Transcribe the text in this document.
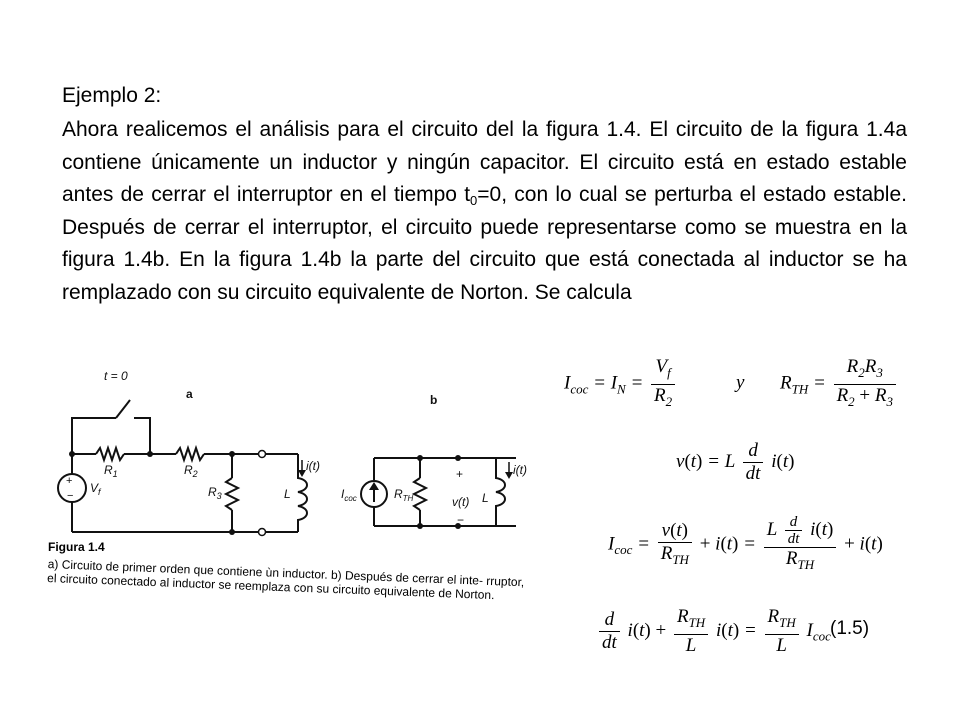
Ejemplo 2:
Ahora realicemos el análisis para el circuito del la figura 1.4. El circuito de la figura 1.4a contiene únicamente un inductor y ningún capacitor. El circuito está en estado estable antes de cerrar el interruptor en el tiempo $t_0=0$, con lo cual se perturba el estado estable. Después de cerrar el interruptor, el circuito puede representarse como se muestra en la figura 1.4b. En la figura 1.4b la parte del circuito que está conectada al inductor se ha remplazado con su circuito equivalente de Norton. Se calcula
a	b
t = 0
+
−
$V_f$
$R_1$	$R_2$
$R_3$	L
i(t)
$I_{coc}$	$R_{TH}$
+
v(t)
−
L
i(t)
Figura 1.4
a) Circuito de primer orden que contiene ùn inductor. b) Después de cerrar el inte- rruptor, el circuito conectado al inductor se reemplaza con su circuito equivalente de Norton.
$I_{coc} = I_N = \frac{V_f}{R_2}$	y $R_{TH} = \frac{R_2R_3}{R_2 + R_3}$
v(t) = L $\frac{d}{dt} i(t)$
$I_{coc} = \frac{v(t)}{R_{TH}} + i(t) = \frac{L \frac{d}{dt} i(t)}{R_{TH}} + i(t)$
$\frac{d}{dt} i(t) + \frac{R_{TH}}{L} i(t) = \frac{R_{TH}}{L} I_{coc}$ (1.5)
